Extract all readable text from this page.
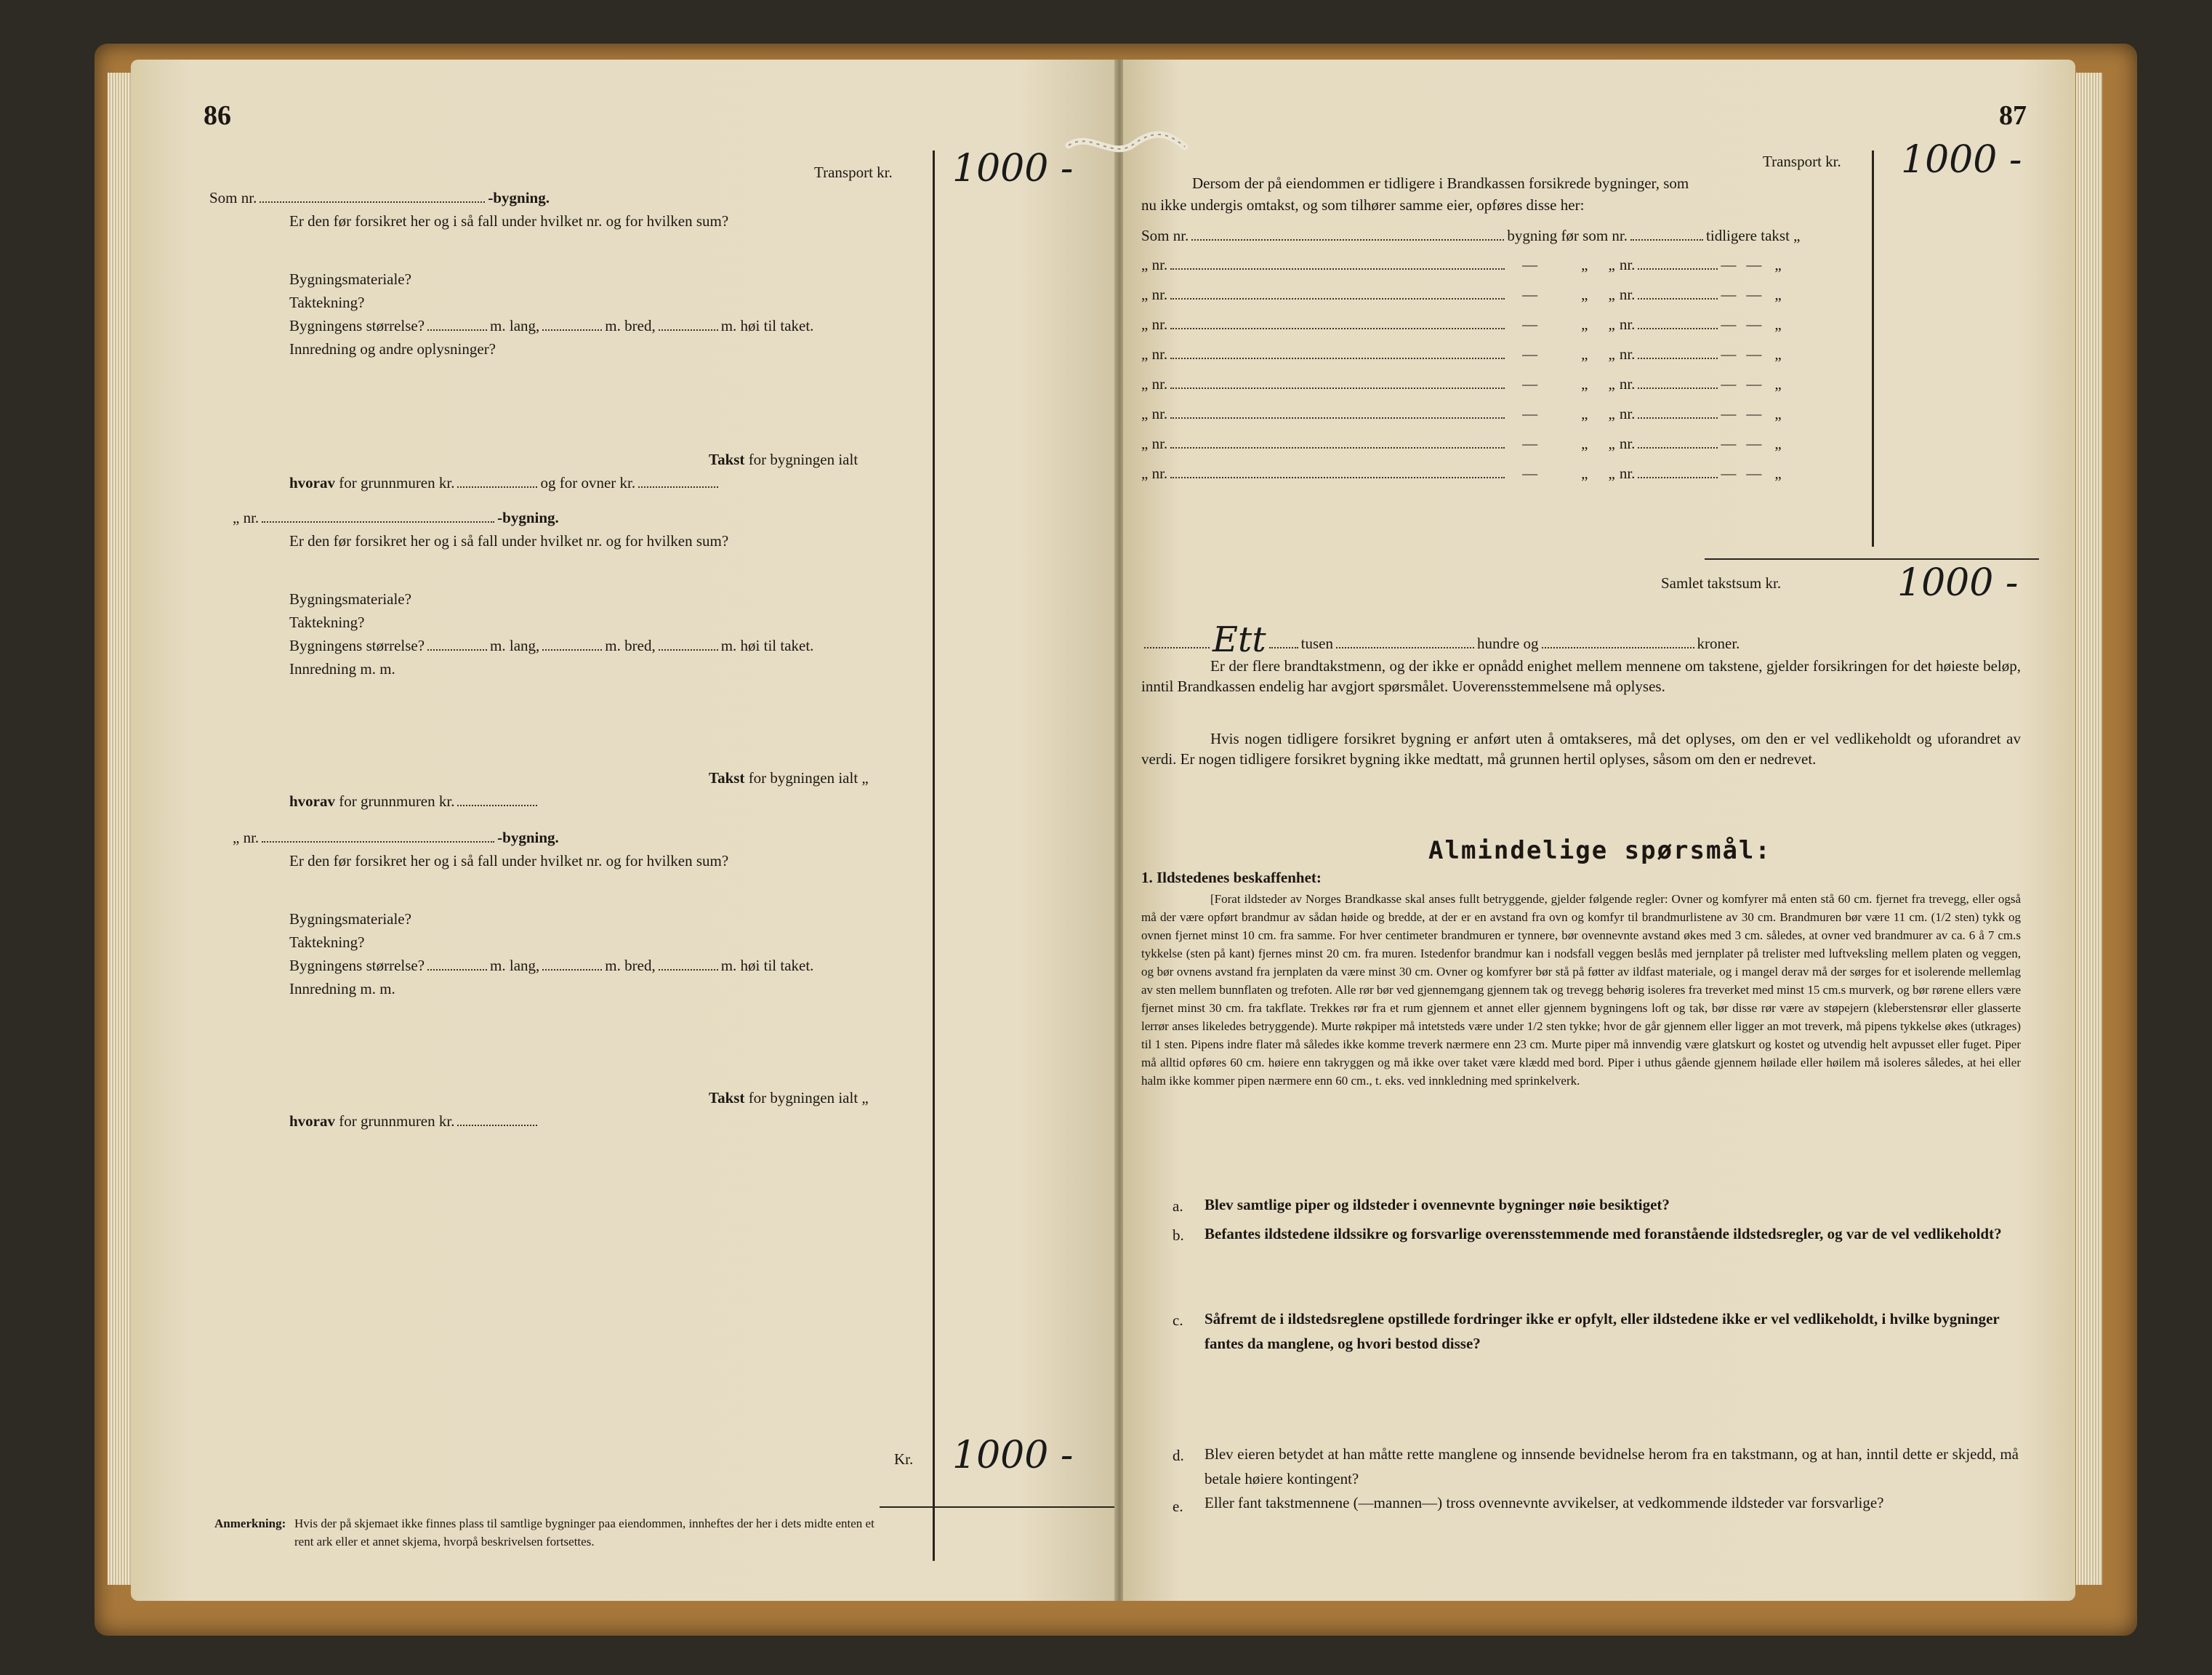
86
Transport kr. 1000 -
Som nr.	-bygning.
Er den før forsikret her og i så fall under hvilket nr. og for hvilken sum?
Bygningsmateriale?
Taktekning?
Bygningens størrelse?	m. lang,	m. bred,	m. høi til taket.
Innredning og andre oplysninger?
Takst for bygningen ialt
hvorav for grunnmuren kr.	og for ovner kr.
„ nr.	-bygning.
Er den før forsikret her og i så fall under hvilket nr. og for hvilken sum?
Bygningsmateriale?
Taktekning?
Bygningens størrelse?	m. lang,	m. bred,	m. høi til taket.
Innredning m. m.
Takst for bygningen ialt „
hvorav for grunnmuren kr.
„ nr.	-bygning.
Er den før forsikret her og i så fall under hvilket nr. og for hvilken sum?
Bygningsmateriale?
Taktekning?
Bygningens størrelse?	m. lang,	m. bred,	m. høi til taket.
Innredning m. m.
Takst for bygningen ialt „
hvorav for grunnmuren kr.
Kr. 1000 -
Anmerkning: Hvis der på skjemaet ikke finnes plass til samtlige bygninger paa eiendommen, innheftes der her i dets midte enten et
rent ark eller et annet skjema, hvorpå beskrivelsen fortsettes.
87
Transport kr. 1000 -
Dersom der på eiendommen er tidligere i Brandkassen forsikrede bygninger, som
nu ikke undergis omtakst, og som tilhører samme eier, opføres disse her:
Som nr.	bygning før som nr.	tidligere takst „
„ nr.	—	„ „ nr.	— — „
„ nr.	—	„ „ nr.	— — „
„ nr.	—	„ „ nr.	— — „
„ nr.	—	„ „ nr.	— — „
„ nr.	—	„ „ nr.	— — „
„ nr.	—	„ „ nr.	— — „
„ nr.	—	„ „ nr.	— — „
„ nr.	—	„ „ nr.	— — „
Samlet takstsum kr.	1000 -
Ett tusen	hundre og	kroner.
Er der flere brandtakstmenn, og der ikke er opnådd enighet mellem mennene om takstene, gjelder forsikringen for det høieste beløp, inntil Brandkassen endelig har avgjort spørsmålet. Uoverensstemmelsene må oplyses.
Hvis nogen tidligere forsikret bygning er anført uten å omtakseres, må det oplyses, om den er vel vedlikeholdt og uforandret av verdi. Er nogen tidligere forsikret bygning ikke medtatt, må grunnen hertil oplyses, såsom om den er nedrevet.
Almindelige spørsmål:
1. Ildstedenes beskaffenhet:
[Forat ildsteder av Norges Brandkasse skal anses fullt betryggende, gjelder følgende regler: Ovner og komfyrer må enten stå 60 cm. fjernet fra trevegg, eller også må der være opført brandmur av sådan høide og bredde, at der er en avstand fra ovn og komfyr til brandmurlistene av 30 cm. Brandmuren bør være 11 cm. (1/2 sten) tykk og ovnen fjernet minst 10 cm. fra samme. For hver centimeter brandmuren er tynnere, bør ovennevnte avstand økes med 3 cm. således, at ovner ved brandmurer av ca. 6 å 7 cm.s tykkelse (sten på kant) fjernes minst 20 cm. fra muren. Istedenfor brandmur kan i nodsfall veggen beslås med jernplater på trelister med luftveksling mellem platen og veggen, og bør ovnens avstand fra jernplaten da være minst 30 cm. Ovner og komfyrer bør stå på føtter av ildfast materiale, og i mangel derav må der sørges for et isolerende mellemlag av sten mellem bunnflaten og trefoten. Alle rør bør ved gjennemgang gjennem tak og trevegg behørig isoleres fra treverket med minst 15 cm.s murverk, og bør rørene ellers være fjernet minst 30 cm. fra takflate. Trekkes rør fra et rum gjennem et annet eller gjennem bygningens loft og tak, bør disse rør være av støpejern (kleberstensrør eller glasserte lerrør anses likeledes betryggende). Murte røkpiper må intetsteds være under 1/2 sten tykke; hvor de går gjennem eller ligger an mot treverk, må pipens tykkelse økes (utkrages) til 1 sten. Pipens indre flater må således ikke komme treverk nærmere enn 23 cm. Murte piper må innvendig være glatskurt og kostet og utvendig helt avpusset eller fuget. Piper må alltid opføres 60 cm. høiere enn takryggen og må ikke over taket være klædd med bord. Piper i uthus gående gjennem høilade eller høilem må isoleres således, at hei eller halm ikke kommer pipen nærmere enn 60 cm., t. eks. ved innkledning med sprinkelverk.
a. Blev samtlige piper og ildsteder i ovennevnte bygninger nøie besiktiget?
b. Befantes ildstedene ildssikre og forsvarlige overensstemmende med foranstående ildstedsregler, og var de vel vedlikeholdt?
c. Såfremt de i ildstedsreglene opstillede fordringer ikke er opfylt, eller ildstedene ikke er vel vedlikeholdt, i hvilke bygninger fantes da manglene, og hvori bestod disse?
d. Blev eieren betydet at han måtte rette manglene og innsende bevidnelse herom fra en takstmann, og at han, inntil dette er skjedd, må betale høiere kontingent?
e. Eller fant takstmennene (—mannen—) tross ovennevnte avvikelser, at vedkommende ildsteder var forsvarlige?
